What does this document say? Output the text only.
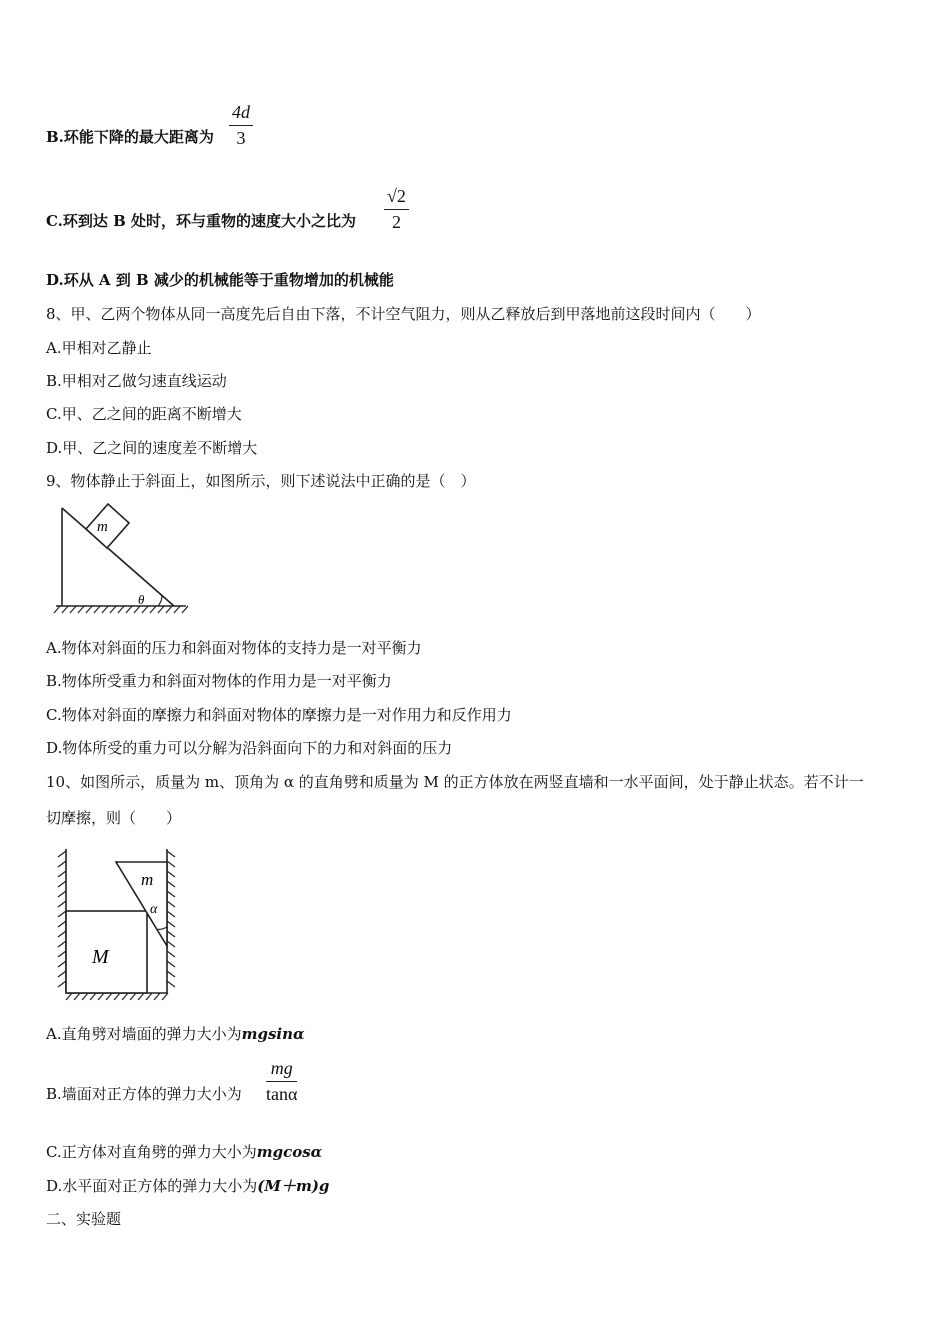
B.环能下降的最大距离为 $\frac{4d}{3}$
C.环到达 B 处时，环与重物的速度大小之比为 $\frac{√2}{2}$
D.环从 A 到 B 减少的机械能等于重物增加的机械能
8、甲、乙两个物体从同一高度先后自由下落，不计空气阻力，则从乙释放后到甲落地前这段时间内（　　）
A.甲相对乙静止
B.甲相对乙做匀速直线运动
C.甲、乙之间的距离不断增大
D.甲、乙之间的速度差不断增大
9、物体静止于斜面上，如图所示，则下述说法中正确的是（　）
m
θ
A.物体对斜面的压力和斜面对物体的支持力是一对平衡力
B.物体所受重力和斜面对物体的作用力是一对平衡力
C.物体对斜面的摩擦力和斜面对物体的摩擦力是一对作用力和反作用力
D.物体所受的重力可以分解为沿斜面向下的力和对斜面的压力
10、如图所示，质量为 m、顶角为 α 的直角劈和质量为 M 的正方体放在两竖直墙和一水平面间，处于静止状态。若不计一
切摩擦，则（　　）
M
m
α
A.直角劈对墙面的弹力大小为mgsinα
B.墙面对正方体的弹力大小为 $\frac{mg}{\tan\alpha}$
C.正方体对直角劈的弹力大小为mgcosα
D.水平面对正方体的弹力大小为(M＋m)g
二、实验题
